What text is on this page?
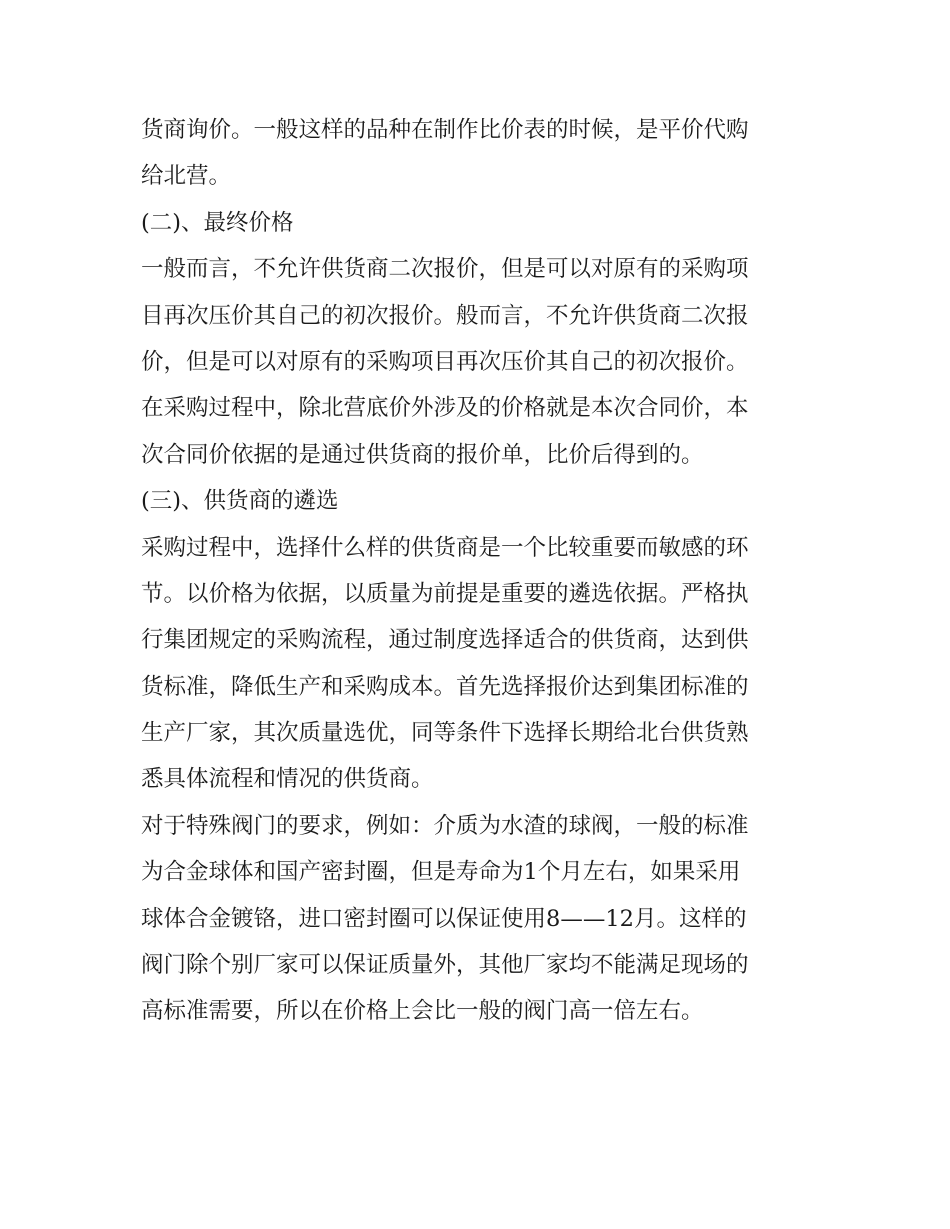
货商询价。一般这样的品种在制作比价表的时候，是平价代购
给北营。
(二)、最终价格
一般而言，不允许供货商二次报价，但是可以对原有的采购项
目再次压价其自己的初次报价。般而言，不允许供货商二次报
价，但是可以对原有的采购项目再次压价其自己的初次报价。
在采购过程中，除北营底价外涉及的价格就是本次合同价，本
次合同价依据的是通过供货商的报价单，比价后得到的。
(三)、供货商的遴选
采购过程中，选择什么样的供货商是一个比较重要而敏感的环
节。以价格为依据，以质量为前提是重要的遴选依据。严格执
行集团规定的采购流程，通过制度选择适合的供货商，达到供
货标准，降低生产和采购成本。首先选择报价达到集团标准的
生产厂家，其次质量选优，同等条件下选择长期给北台供货熟
悉具体流程和情况的供货商。
对于特殊阀门的要求，例如：介质为水渣的球阀，一般的标准
为合金球体和国产密封圈，但是寿命为1个月左右，如果采用
球体合金镀铬，进口密封圈可以保证使用8——12月。这样的
阀门除个别厂家可以保证质量外，其他厂家均不能满足现场的
高标准需要，所以在价格上会比一般的阀门高一倍左右。
